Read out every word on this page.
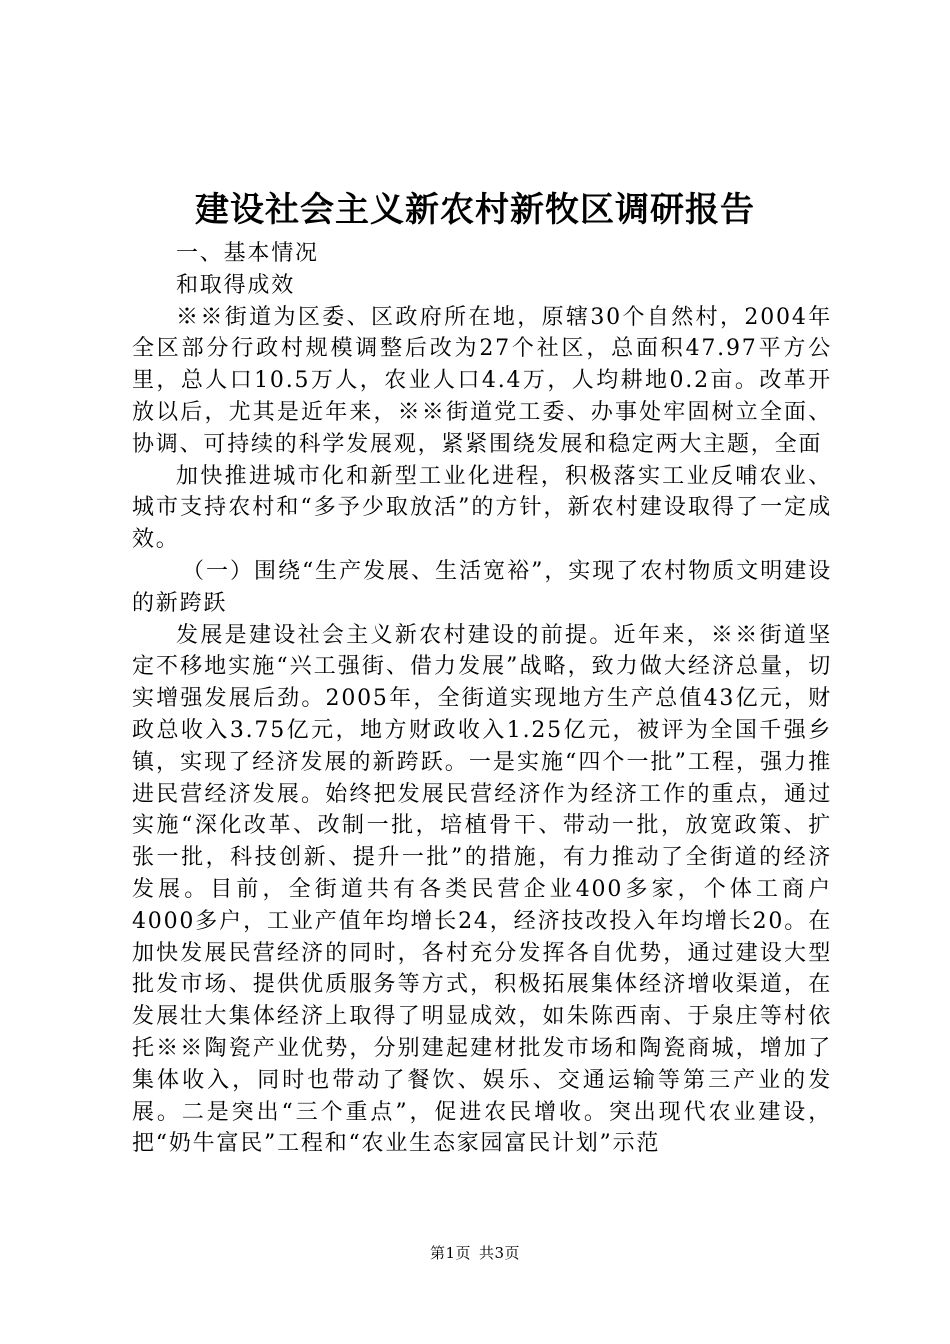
建设社会主义新农村新牧区调研报告

一、基本情况

和取得成效

※※街道为区委、区政府所在地，原辖30个自然村，2004年全区部分行政村规模调整后改为27个社区，总面积47.97平方公里，总人口10.5万人，农业人口4.4万，人均耕地0.2亩。改革开放以后，尤其是近年来，※※街道党工委、办事处牢固树立全面、协调、可持续的科学发展观，紧紧围绕发展和稳定两大主题，全面

加快推进城市化和新型工业化进程，积极落实工业反哺农业、城市支持农村和“多予少取放活”的方针，新农村建设取得了一定成效。

（一）围绕“生产发展、生活宽裕”，实现了农村物质文明建设的新跨跃

发展是建设社会主义新农村建设的前提。近年来，※※街道坚定不移地实施“兴工强街、借力发展”战略，致力做大经济总量，切实增强发展后劲。2005年，全街道实现地方生产总值43亿元，财政总收入3.75亿元，地方财政收入1.25亿元，被评为全国千强乡镇，实现了经济发展的新跨跃。一是实施“四个一批”工程，强力推进民营经济发展。始终把发展民营经济作为经济工作的重点，通过实施“深化改革、改制一批，培植骨干、带动一批，放宽政策、扩张一批，科技创新、提升一批”的措施，有力推动了全街道的经济发展。目前，全街道共有各类民营企业400多家，个体工商户4000多户，工业产值年均增长24，经济技改投入年均增长20。在加快发展民营经济的同时，各村充分发挥各自优势，通过建设大型批发市场、提供优质服务等方式，积极拓展集体经济增收渠道，在发展壮大集体经济上取得了明显成效，如朱陈西南、于泉庄等村依托※※陶瓷产业优势，分别建起建材批发市场和陶瓷商城，增加了集体收入，同时也带动了餐饮、娱乐、交通运输等第三产业的发展。二是突出“三个重点”，促进农民增收。突出现代农业建设，把“奶牛富民”工程和“农业生态家园富民计划”示范

第1页 共3页
